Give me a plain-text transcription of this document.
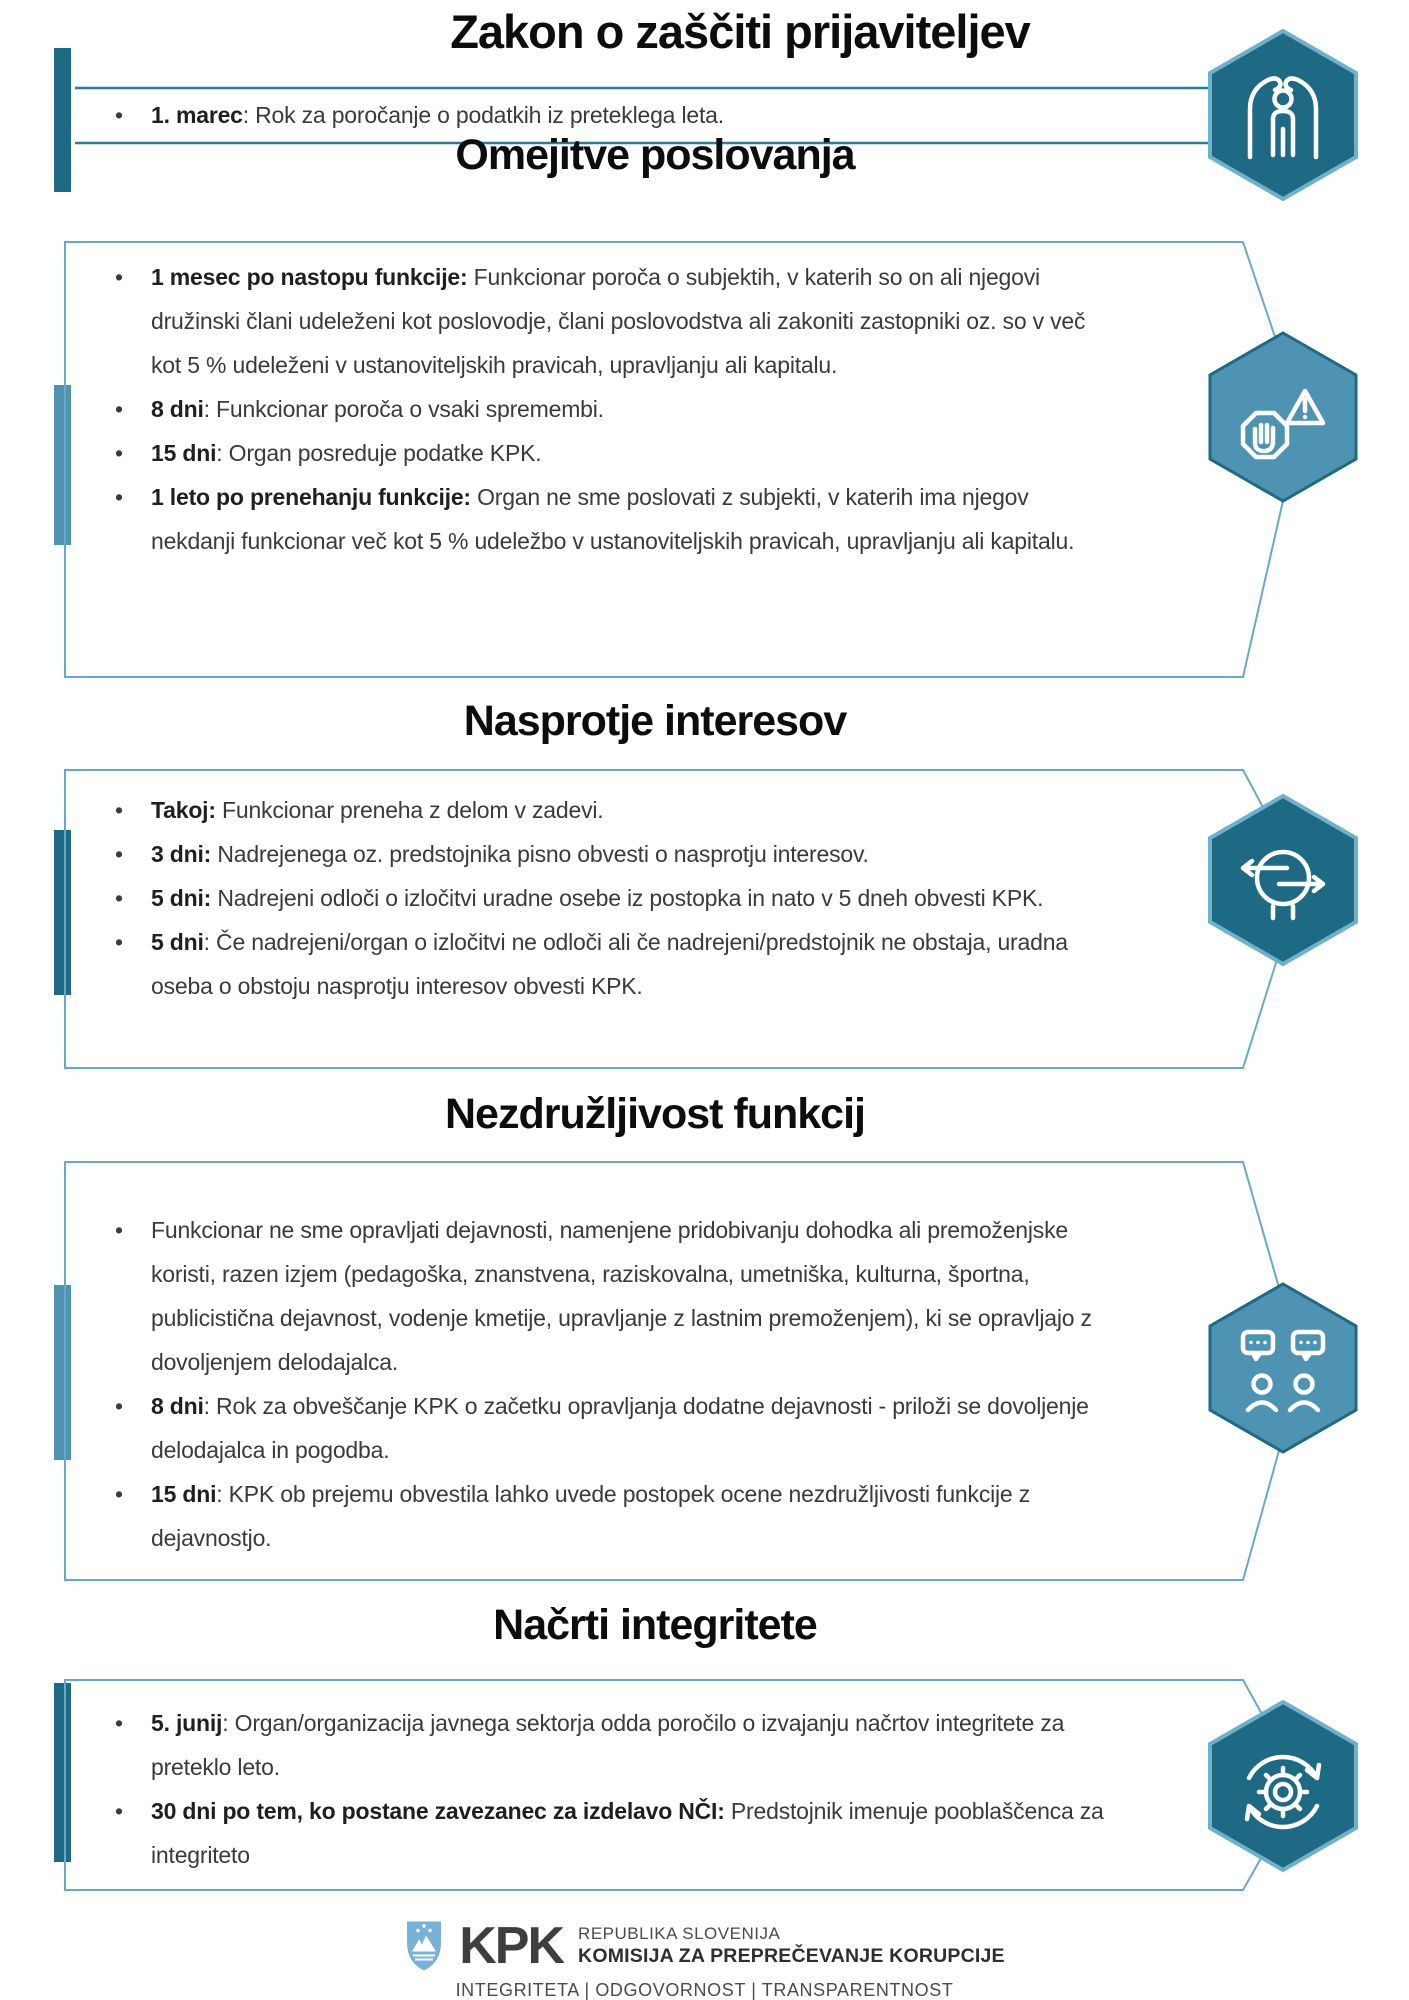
Zakon o zaščiti prijaviteljev
Omejitve poslovanja
Nasprotje interesov
Nezdružljivost funkcij
Načrti integritete
• 1. marec: Rok za poročanje o podatkih iz preteklega leta.
• 1 mesec po nastopu funkcije: Funkcionar poroča o subjektih, v katerih so on ali njegovi družinski člani udeleženi kot poslovodje, člani poslovodstva ali zakoniti zastopniki oz. so v več kot 5 % udeleženi v ustanoviteljskih pravicah, upravljanju ali kapitalu.
• 8 dni: Funkcionar poroča o vsaki spremembi.
• 15 dni: Organ posreduje podatke KPK.
• 1 leto po prenehanju funkcije: Organ ne sme poslovati z subjekti, v katerih ima njegov nekdanji funkcionar več kot 5 % udeležbo v ustanoviteljskih pravicah, upravljanju ali kapitalu.
• Takoj: Funkcionar preneha z delom v zadevi.
• 3 dni: Nadrejenega oz. predstojnika pisno obvesti o nasprotju interesov.
• 5 dni: Nadrejeni odloči o izločitvi uradne osebe iz postopka in nato v 5 dneh obvesti KPK.
• 5 dni: Če nadrejeni/organ o izločitvi ne odloči ali če nadrejeni/predstojnik ne obstaja, uradna oseba o obstoju nasprotju interesov obvesti KPK.
• Funkcionar ne sme opravljati dejavnosti, namenjene pridobivanju dohodka ali premoženjske koristi, razen izjem (pedagoška, znanstvena, raziskovalna, umetniška, kulturna, športna, publicistična dejavnost, vodenje kmetije, upravljanje z lastnim premoženjem), ki se opravljajo z dovoljenjem delodajalca.
• 8 dni: Rok za obveščanje KPK o začetku opravljanja dodatne dejavnosti - priloži se dovoljenje delodajalca in pogodba.
• 15 dni: KPK ob prejemu obvestila lahko uvede postopek ocene nezdružljivosti funkcije z dejavnostjo.
• 5. junij: Organ/organizacija javnega sektorja odda poročilo o izvajanju načrtov integritete za preteklo leto.
• 30 dni po tem, ko postane zavezanec za izdelavo NČI: Predstojnik imenuje pooblaščenca za integriteto
KPK REPUBLIKA SLOVENIJA
KOMISIJA ZA PREPREČEVANJE KORUPCIJE
INTEGRITETA | ODGOVORNOST | TRANSPARENTNOST
